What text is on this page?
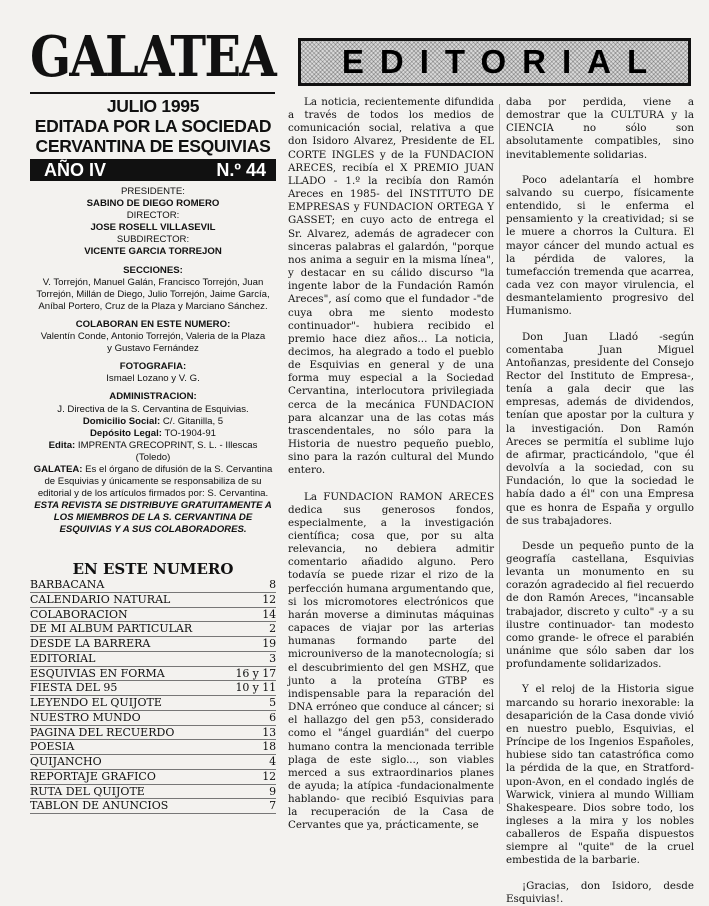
GALATEA	EDITORIAL
JULIO 1995
EDITADA POR LA SOCIEDAD
CERVANTINA DE ESQUIVIAS
AÑO IV	N.º 44
PRESIDENTE:
SABINO DE DIEGO ROMERO
DIRECTOR:
JOSE ROSELL VILLASEVIL
SUBDIRECTOR:
VICENTE GARCIA TORREJON
SECCIONES:
V. Torrejón, Manuel Galán, Francisco Torrejón, Juan
Torrejón, Millán de Diego, Julio Torrejón, Jaime García,
Aníbal Portero, Cruz de la Plaza y Marciano Sánchez.
COLABORAN EN ESTE NUMERO:
Valentín Conde, Antonio Torrejón, Valeria de la Plaza
y Gustavo Fernández
FOTOGRAFIA:
Ismael Lozano y V. G.
ADMINISTRACION:
J. Directiva de la S. Cervantina de Esquivias.
Domicilio Social: C/. Gitanilla, 5
Depósito Legal: TO-1904-91
Edita: IMPRENTA GRECOPRINT, S. L. - Illescas (Toledo)
GALATEA: Es el órgano de difusión de la S. Cervantina
de Esquivias y únicamente se responsabiliza de su
editorial y de los artículos firmados por: S. Cervantina.
ESTA REVISTA SE DISTRIBUYE GRATUITAMENTE A
LOS MIEMBROS DE LA S. CERVANTINA DE
ESQUIVIAS Y A SUS COLABORADORES.
EN ESTE NUMERO
BARBACANA	8
CALENDARIO NATURAL	12
COLABORACION	14
DE MI ALBUM PARTICULAR	2
DESDE LA BARRERA	19
EDITORIAL	3
ESQUIVIAS EN FORMA	16 y 17
FIESTA DEL 95	10 y 11
LEYENDO EL QUIJOTE	5
NUESTRO MUNDO	6
PAGINA DEL RECUERDO	13
POESIA	18
QUIJANCHO	4
REPORTAJE GRAFICO	12
RUTA DEL QUIJOTE	9
TABLON DE ANUNCIOS	7

La noticia, recientemente difundida a través de todos los medios de comunicación social, relativa a que don Isidoro Alvarez, Presidente de EL CORTE INGLES y de la FUNDACION ARECES, recibía el X PREMIO JUAN LLADO - 1.º la recibía don Ramón Areces en 1985- del INSTITUTO DE EMPRESAS y FUNDACION ORTEGA Y GASSET; en cuyo acto de entrega el Sr. Alvarez, además de agradecer con sinceras palabras el galardón, "porque nos anima a seguir en la misma línea", y destacar en su cálido discurso "la ingente labor de la Fundación Ramón Areces", así como que el fundador -"de cuya obra me siento modesto continuador"- hubiera recibido el premio hace diez años... La noticia, decimos, ha alegrado a todo el pueblo de Esquivias en general y de una forma muy especial a la Sociedad Cervantina, interlocutora privilegiada cerca de la mecánica FUNDACION para alcanzar una de las cotas más trascendentales, no sólo para la Historia de nuestro pequeño pueblo, sino para la razón cultural del Mundo entero.

La FUNDACION RAMON ARECES dedica sus generosos fondos, especialmente, a la investigación científica; cosa que, por su alta relevancia, no debiera admitir comentario añadido alguno. Pero todavía se puede rizar el rizo de la perfección humana argumentando que, si los micromotores electrónicos que harán moverse a diminutas máquinas capaces de viajar por las arterias humanas formando parte del microuniverso de la manotecnología; si el descubrimiento del gen MSHZ, que junto a la proteína GTBP es indispensable para la reparación del DNA erróneo que conduce al cáncer; si el hallazgo del gen p53, considerado como el "ángel guardián" del cuerpo humano contra la mencionada terrible plaga de este siglo..., son viables merced a sus extraordinarios planes de ayuda; la atípica -fundacionalmente hablando- que recibió Esquivias para la recuperación de la Casa de Cervantes que ya, prácticamente, se

daba por perdida, viene a demostrar que la CULTURA y la CIENCIA no sólo son absolutamente compatibles, sino inevitablemente solidarias.

Poco adelantaría el hombre salvando su cuerpo, físicamente entendido, si le enferma el pensamiento y la creatividad; si se le muere a chorros la Cultura. El mayor cáncer del mundo actual es la pérdida de valores, la tumefacción tremenda que acarrea, cada vez con mayor virulencia, el desmantelamiento progresivo del Humanismo.

Don Juan Lladó -según comentaba Juan Miguel Antoñanzas, presidente del Consejo Rector del Instituto de Empresa-, tenía a gala decir que las empresas, además de dividendos, tenían que apostar por la cultura y la investigación. Don Ramón Areces se permitía el sublime lujo de afirmar, practicándolo, "que él devolvía a la sociedad, con su Fundación, lo que la sociedad le había dado a él" con una Empresa que es honra de España y orgullo de sus trabajadores.

Desde un pequeño punto de la geografía castellana, Esquivias levanta un monumento en su corazón agradecido al fiel recuerdo de don Ramón Areces, "incansable trabajador, discreto y culto" -y a su ilustre continuador- tan modesto como grande- le ofrece el parabién unánime que sólo saben dar los profundamente solidarizados.

Y el reloj de la Historia sigue marcando su horario inexorable: la desaparición de la Casa donde vivió en nuestro pueblo, Esquivias, el Príncipe de los Ingenios Españoles, hubiese sido tan catastrófica como la pérdida de la que, en Stratford-upon-Avon, en el condado inglés de Warwick, viniera al mundo William Shakespeare. Dios sobre todo, los ingleses a la mira y los nobles caballeros de España dispuestos siempre al "quite" de la cruel embestida de la barbarie.

¡Gracias, don Isidoro, desde Esquivias!.
